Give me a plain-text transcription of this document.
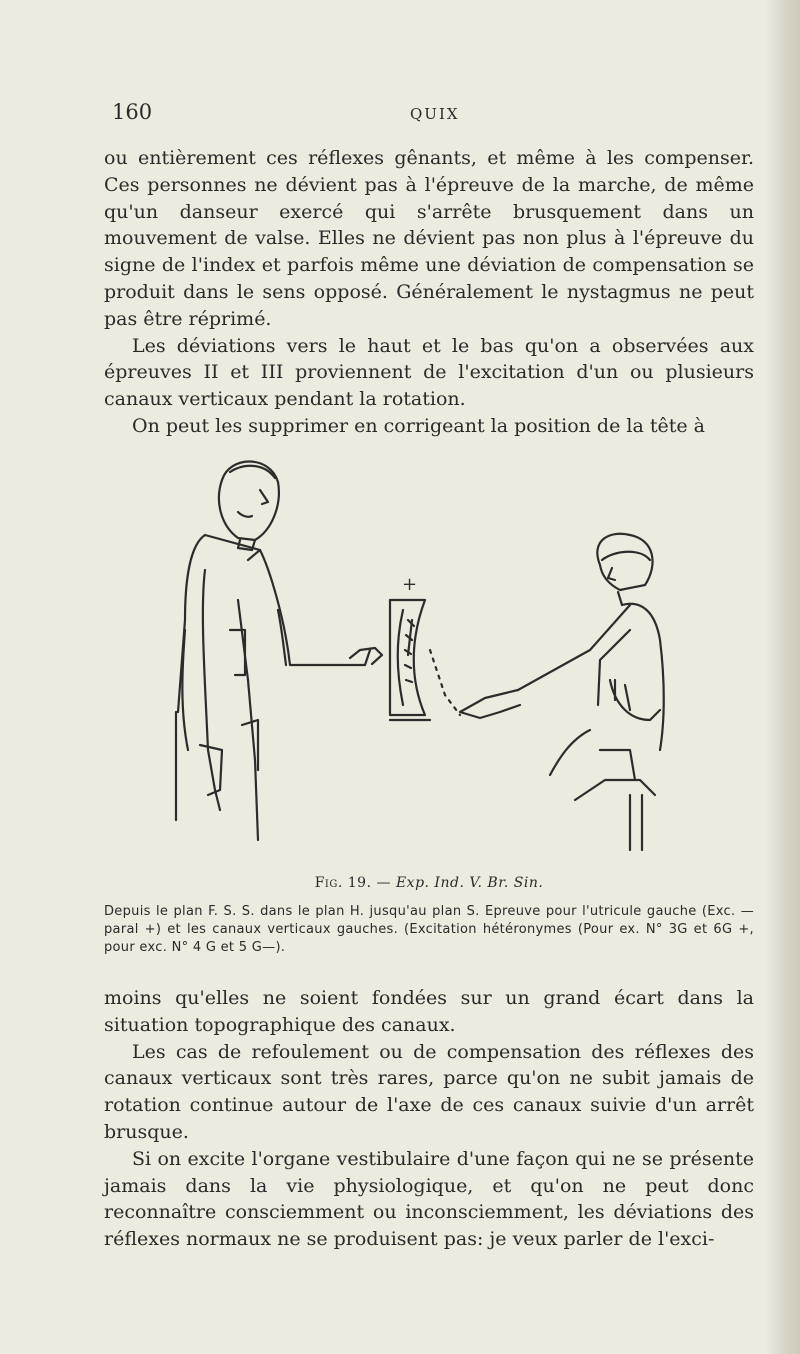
160	QUIX

ou entièrement ces réflexes gênants, et même à les compenser. Ces personnes ne dévient pas à l'épreuve de la marche, de même qu'un danseur exercé qui s'arrête brusquement dans un mouvement de valse. Elles ne dévient pas non plus à l'épreuve du signe de l'index et parfois même une déviation de compensation se produit dans le sens opposé. Généralement le nystagmus ne peut pas être réprimé.

Les déviations vers le haut et le bas qu'on a observées aux épreuves II et III proviennent de l'excitation d'un ou plusieurs canaux verticaux pendant la rotation.

On peut les supprimer en corrigeant la position de la tête à

+
Fig. 19. — Exp. Ind. V. Br. Sin.
Depuis le plan F. S. S. dans le plan H. jusqu'au plan S. Epreuve pour l'utricule gauche (Exc. — paral +) et les canaux verticaux gauches. (Excitation hétéronymes (Pour ex. N° 3G et 6G +, pour exc. N° 4 G et 5 G—).

moins qu'elles ne soient fondées sur un grand écart dans la situation topographique des canaux.

Les cas de refoulement ou de compensation des réflexes des canaux verticaux sont très rares, parce qu'on ne subit jamais de rotation continue autour de l'axe de ces canaux suivie d'un arrêt brusque.

Si on excite l'organe vestibulaire d'une façon qui ne se présente jamais dans la vie physiologique, et qu'on ne peut donc reconnaître consciemment ou inconsciemment, les déviations des réflexes normaux ne se produisent pas: je veux parler de l'exci-
